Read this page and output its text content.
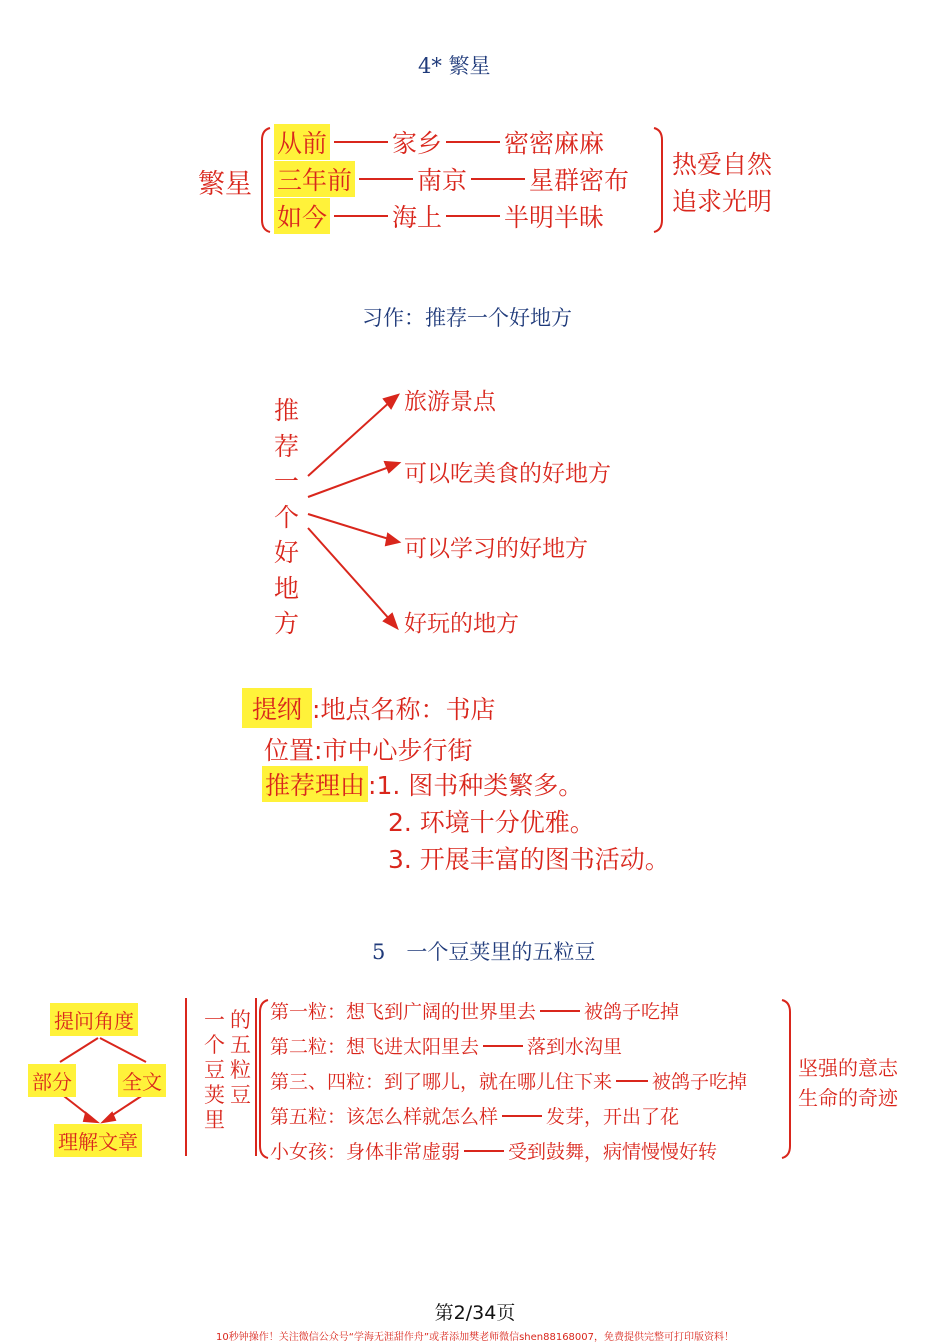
4* 繁星
繁星
从前	家乡 密密麻麻
三年前	南京 星群密布
如今	海上 半明半昧
热爱自然
追求光明
习作：推荐一个好地方
推
荐
一
个
好
地
方
旅游景点
可以吃美食的好地方
可以学习的好地方
好玩的地方
提纲 :地点名称：书店
位置 :市中心步行街
推荐理由 :1. 图书种类繁多。
2. 环境十分优雅。
3. 开展丰富的图书活动。
5　一个豆荚里的五粒豆
提问角度
部分	全文
理解文章
一
个
豆
荚
里
的
五
粒
豆
第一粒：想飞到广阔的世界里去	被鸽子吃掉
第二粒：想飞进太阳里去	落到水沟里
第三、四粒：到了哪儿，就在哪儿住下来 被鸽子吃掉
第五粒：该怎么样就怎么样	发芽，开出了花
小女孩：身体非常虚弱	受到鼓舞，病情慢慢好转
坚强的意志
生命的奇迹
第2/34页
10秒钟操作！关注微信公众号“学海无涯甜作舟”或者添加樊老师微信shen88168007，免费提供完整可打印版资料！
